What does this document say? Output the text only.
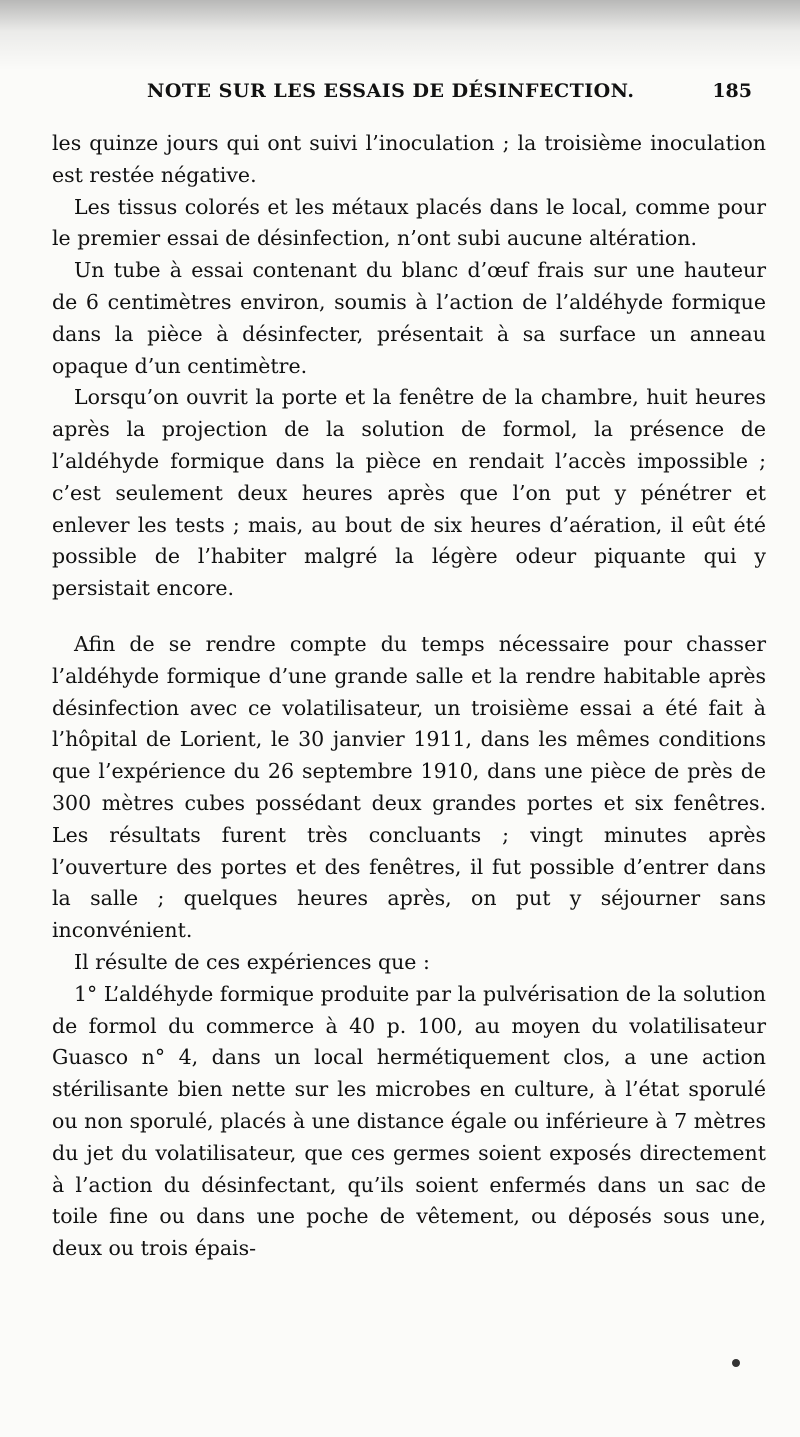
NOTE SUR LES ESSAIS DE DÉSINFECTION.	185

les quinze jours qui ont suivi l’inoculation ; la troisième inoculation est restée négative.

Les tissus colorés et les métaux placés dans le local, comme pour le premier essai de désinfection, n’ont subi aucune altération.

Un tube à essai contenant du blanc d’œuf frais sur une hauteur de 6 centimètres environ, soumis à l’action de l’aldéhyde formique dans la pièce à désinfecter, présentait à sa surface un anneau opaque d’un centimètre.

Lorsqu’on ouvrit la porte et la fenêtre de la chambre, huit heures après la projection de la solution de formol, la présence de l’aldéhyde formique dans la pièce en rendait l’accès impossible ; c’est seulement deux heures après que l’on put y pénétrer et enlever les tests ; mais, au bout de six heures d’aération, il eût été possible de l’habiter malgré la légère odeur piquante qui y persistait encore.

Afin de se rendre compte du temps nécessaire pour chasser l’aldéhyde formique d’une grande salle et la rendre habitable après désinfection avec ce volatilisateur, un troisième essai a été fait à l’hôpital de Lorient, le 30 janvier 1911, dans les mêmes conditions que l’expérience du 26 septembre 1910, dans une pièce de près de 300 mètres cubes possédant deux grandes portes et six fenêtres. Les résultats furent très concluants ; vingt minutes après l’ouverture des portes et des fenêtres, il fut possible d’entrer dans la salle ; quelques heures après, on put y séjourner sans inconvénient.

Il résulte de ces expériences que :

1° L’aldéhyde formique produite par la pulvérisation de la solution de formol du commerce à 40 p. 100, au moyen du volatilisateur Guasco n° 4, dans un local hermétiquement clos, a une action stérilisante bien nette sur les microbes en culture, à l’état sporulé ou non sporulé, placés à une distance égale ou inférieure à 7 mètres du jet du volatilisateur, que ces germes soient exposés directement à l’action du désinfectant, qu’ils soient enfermés dans un sac de toile fine ou dans une poche de vêtement, ou déposés sous une, deux ou trois épais-
